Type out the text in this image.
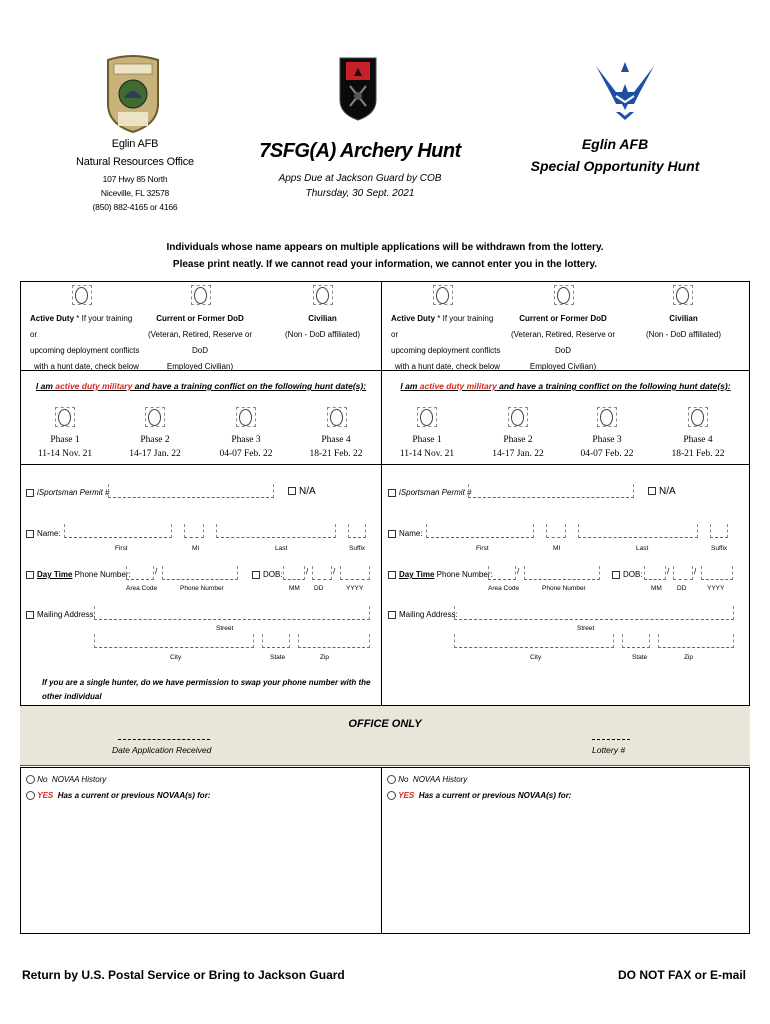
Eglin AFB
Natural Resources Office
107 Hwy 85 North
Niceville, FL 32578
(850) 882-4165 or 4166
7SFG(A) Archery Hunt
Apps Due at Jackson Guard by COB
Thursday, 30 Sept. 2021
Eglin AFB
Special Opportunity Hunt
Individuals whose name appears on multiple applications will be withdrawn from the lottery.
Please print neatly. If we cannot read your information, we cannot enter you in the lottery.
Active Duty * If your training or
upcoming deployment conflicts
with a hunt date, check below
Current or Former DoD
(Veteran, Retired, Reserve or DoD
Employed Civilian)
Civilian
(Non - DoD affiliated)
Active Duty * If your training or
upcoming deployment conflicts
with a hunt date, check below
Current or Former DoD
(Veteran, Retired, Reserve or DoD
Employed Civilian)
Civilian
(Non - DoD affiliated)
I am active duty military and have a training conflict on the following hunt date(s):	I am active duty military and have a training conflict on the following hunt date(s):
Phase 1
11-14 Nov. 21
Phase 2
14-17 Jan. 22
Phase 3
04-07 Feb. 22
Phase 4
18-21 Feb. 22
Phase 1
11-14 Nov. 21
Phase 2
14-17 Jan. 22
Phase 3
04-07 Feb. 22
Phase 4
18-21 Feb. 22
iSportsman Permit #	N/A
Name:
First	MI	Last	Suffix
Day Time Phone Number:	/
Area Code	Phone Number
DOB:	/	/
MM DD	YYYY
Mailing Address:
Street
City	State	Zip
If you are a single hunter, do we have permission to swap your phone number with the other individual

iSportsman Permit #	N/A
Name:
First	MI	Last	Suffix
Day Time Phone Number:	/
Area Code	Phone Number
DOB:	/	/
MM DD	YYYY
Mailing Address:
Street
City	State	Zip
OFFICE ONLY
Date Application Received	Lottery #
No NOVAA History
YES Has a current or previous NOVAA(s) for:
No NOVAA History
YES Has a current or previous NOVAA(s) for:
Return by U.S. Postal Service or Bring to Jackson Guard	DO NOT FAX or E-mail
